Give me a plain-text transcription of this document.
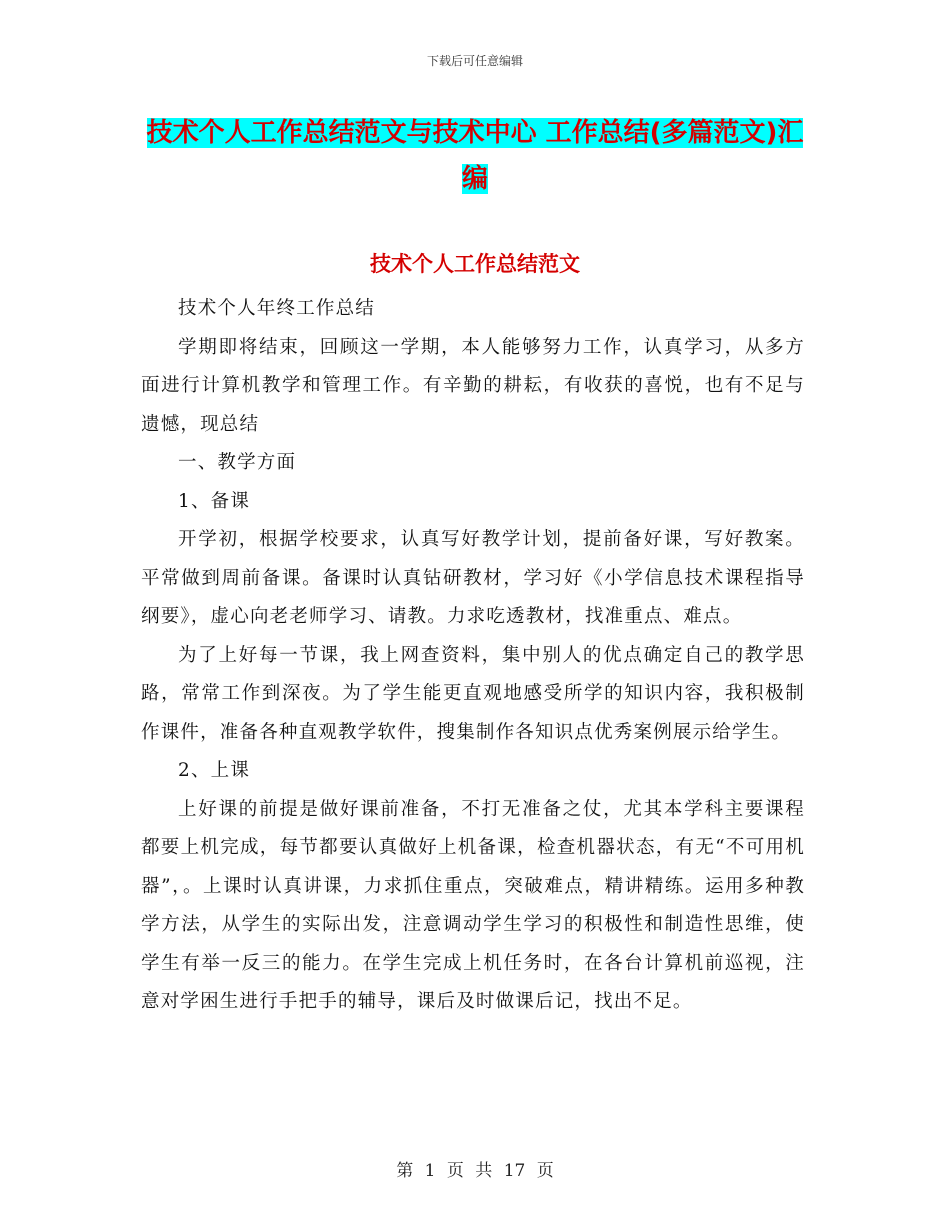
下载后可任意编辑
技术个人工作总结范文与技术中心 工作总结(多篇范文)汇编
技术个人工作总结范文

技术个人年终工作总结

学期即将结束，回顾这一学期，本人能够努力工作，认真学习，从多方面进行计算机教学和管理工作。有辛勤的耕耘，有收获的喜悦，也有不足与遗憾，现总结

一、教学方面

1、备课

开学初，根据学校要求，认真写好教学计划，提前备好课，写好教案。平常做到周前备课。备课时认真钻研教材，学习好《小学信息技术课程指导纲要》，虚心向老老师学习、请教。力求吃透教材，找准重点、难点。

为了上好每一节课，我上网查资料，集中别人的优点确定自己的教学思路，常常工作到深夜。为了学生能更直观地感受所学的知识内容，我积极制作课件，准备各种直观教学软件，搜集制作各知识点优秀案例展示给学生。

2、上课

上好课的前提是做好课前准备，不打无准备之仗，尤其本学科主要课程都要上机完成，每节都要认真做好上机备课，检查机器状态，有无“不可用机器”，。上课时认真讲课，力求抓住重点，突破难点，精讲精练。运用多种教学方法，从学生的实际出发，注意调动学生学习的积极性和制造性思维，使学生有举一反三的能力。在学生完成上机任务时，在各台计算机前巡视，注意对学困生进行手把手的辅导，课后及时做课后记，找出不足。

第 1 页 共 17 页
